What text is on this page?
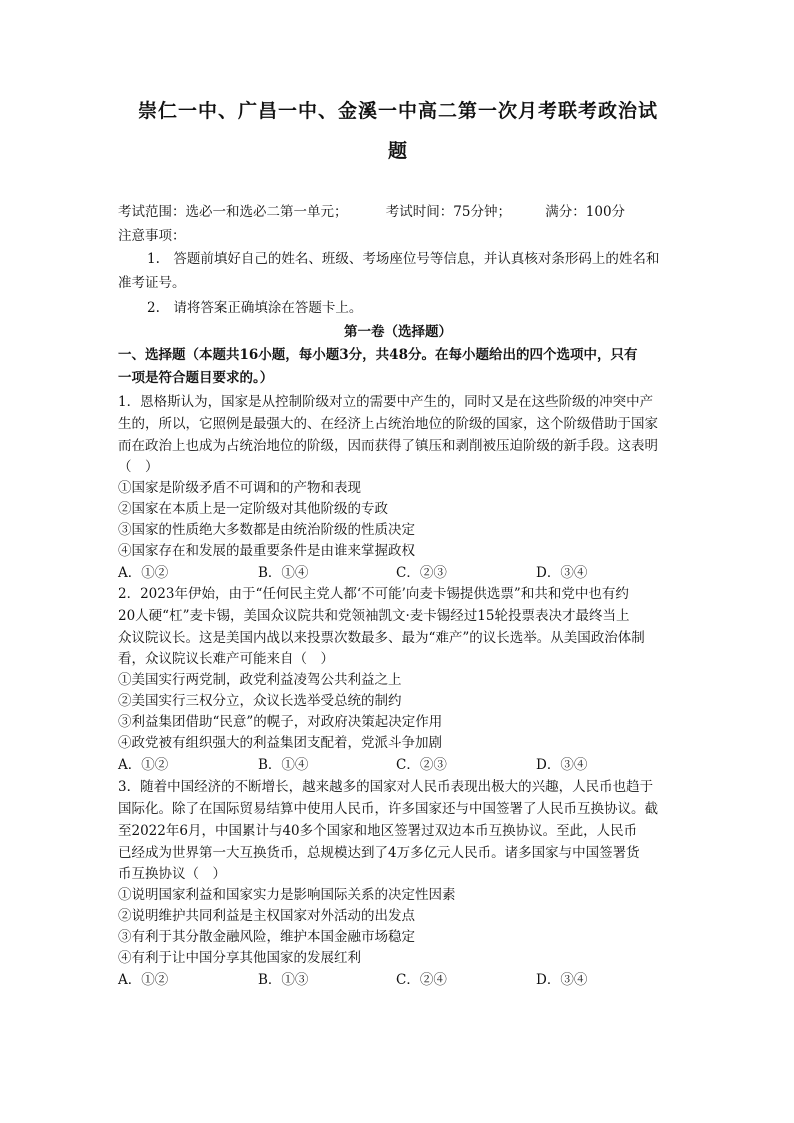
崇仁一中、广昌一中、金溪一中高二第一次月考联考政治试
题
考试范围：选必一和选必二第一单元；	考试时间：75分钟；	满分：100分
注意事项：
1.　答题前填好自己的姓名、班级、考场座位号等信息，并认真核对条形码上的姓名和
准考证号。
2.　请将答案正确填涂在答题卡上。
第一卷（选择题）
一、选择题（本题共16小题，每小题3分，共48分。在每小题给出的四个选项中，只有
一项是符合题目要求的。）
1．恩格斯认为，国家是从控制阶级对立的需要中产生的，同时又是在这些阶级的冲突中产
生的，所以，它照例是最强大的、在经济上占统治地位的阶级的国家，这个阶级借助于国家
而在政治上也成为占统治地位的阶级，因而获得了镇压和剥削被压迫阶级的新手段。这表明
（　）
①国家是阶级矛盾不可调和的产物和表现
②国家在本质上是一定阶级对其他阶级的专政
③国家的性质绝大多数都是由统治阶级的性质决定
④国家存在和发展的最重要条件是由谁来掌握政权
A．①②	B．①④	C．②③	D．③④
2．2023年伊始，由于“任何民主党人都‘不可能’向麦卡锡提供选票”和共和党中也有约
20人硬“杠”麦卡锡，美国众议院共和党领袖凯文·麦卡锡经过15轮投票表决才最终当上
众议院议长。这是美国内战以来投票次数最多、最为“难产”的议长选举。从美国政治体制
看，众议院议长难产可能来自（　）
①美国实行两党制，政党利益凌驾公共利益之上
②美国实行三权分立，众议长选举受总统的制约
③利益集团借助“民意”的幌子，对政府决策起决定作用
④政党被有组织强大的利益集团支配着，党派斗争加剧
A．①②	B．①④	C．②③	D．③④
3．随着中国经济的不断增长，越来越多的国家对人民币表现出极大的兴趣，人民币也趋于
国际化。除了在国际贸易结算中使用人民币，许多国家还与中国签署了人民币互换协议。截
至2022年6月，中国累计与40多个国家和地区签署过双边本币互换协议。至此，人民币
已经成为世界第一大互换货币，总规模达到了4万多亿元人民币。诸多国家与中国签署货
币互换协议（　）
①说明国家利益和国家实力是影响国际关系的决定性因素
②说明维护共同利益是主权国家对外活动的出发点
③有利于其分散金融风险，维护本国金融市场稳定
④有利于让中国分享其他国家的发展红利
A．①②	B．①③	C．②④	D．③④
